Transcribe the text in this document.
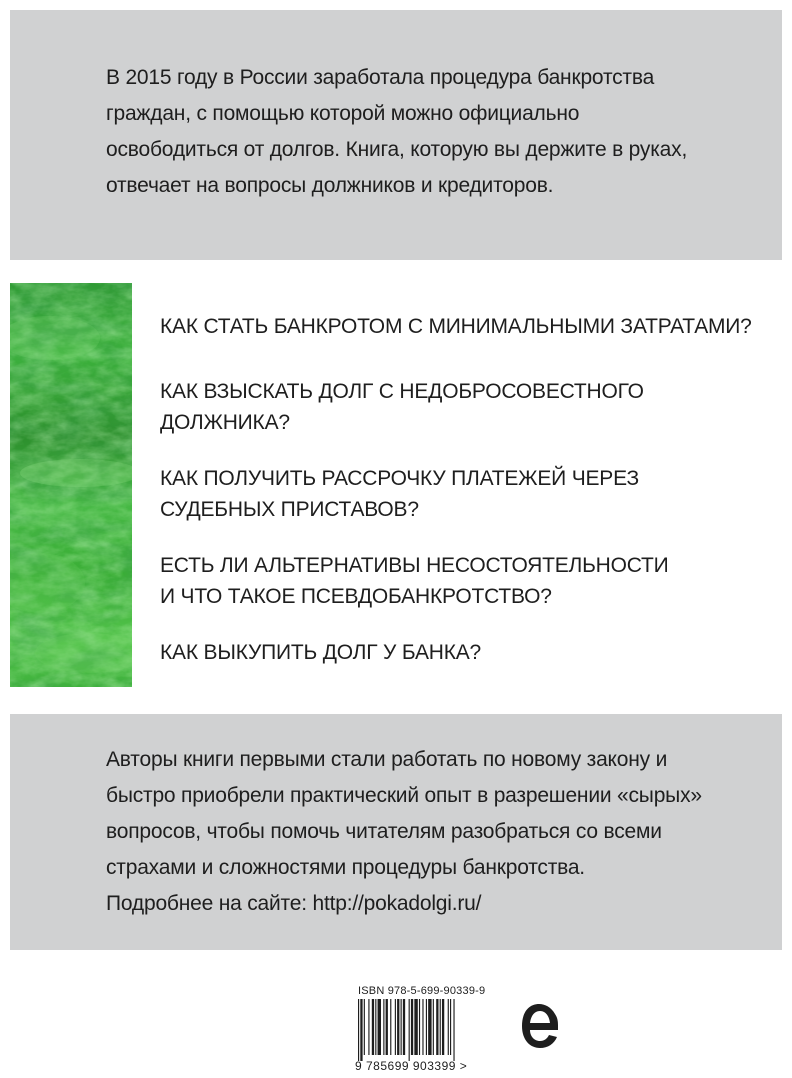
В 2015 году в России заработала процедура банкротства
граждан, с помощью которой можно официально
освободиться от долгов. Книга, которую вы держите в руках,
отвечает на вопросы должников и кредиторов.
КАК СТАТЬ БАНКРОТОМ С МИНИМАЛЬНЫМИ ЗАТРАТАМИ?
КАК ВЗЫСКАТЬ ДОЛГ С НЕДОБРОСОВЕСТНОГО
ДОЛЖНИКА?
КАК ПОЛУЧИТЬ РАССРОЧКУ ПЛАТЕЖЕЙ ЧЕРЕЗ
СУДЕБНЫХ ПРИСТАВОВ?
ЕСТЬ ЛИ АЛЬТЕРНАТИВЫ НЕСОСТОЯТЕЛЬНОСТИ
И ЧТО ТАКОЕ ПСЕВДОБАНКРОТСТВО?
КАК ВЫКУПИТЬ ДОЛГ У БАНКА?
Авторы книги первыми стали работать по новому закону и
быстро приобрели практический опыт в разрешении «сырых»
вопросов, чтобы помочь читателям разобраться со всеми
страхами и сложностями процедуры банкротства.
Подробнее на сайте: http://pokadolgi.ru/
ISBN 978-5-699-90339-9
9 785699 903399 >
